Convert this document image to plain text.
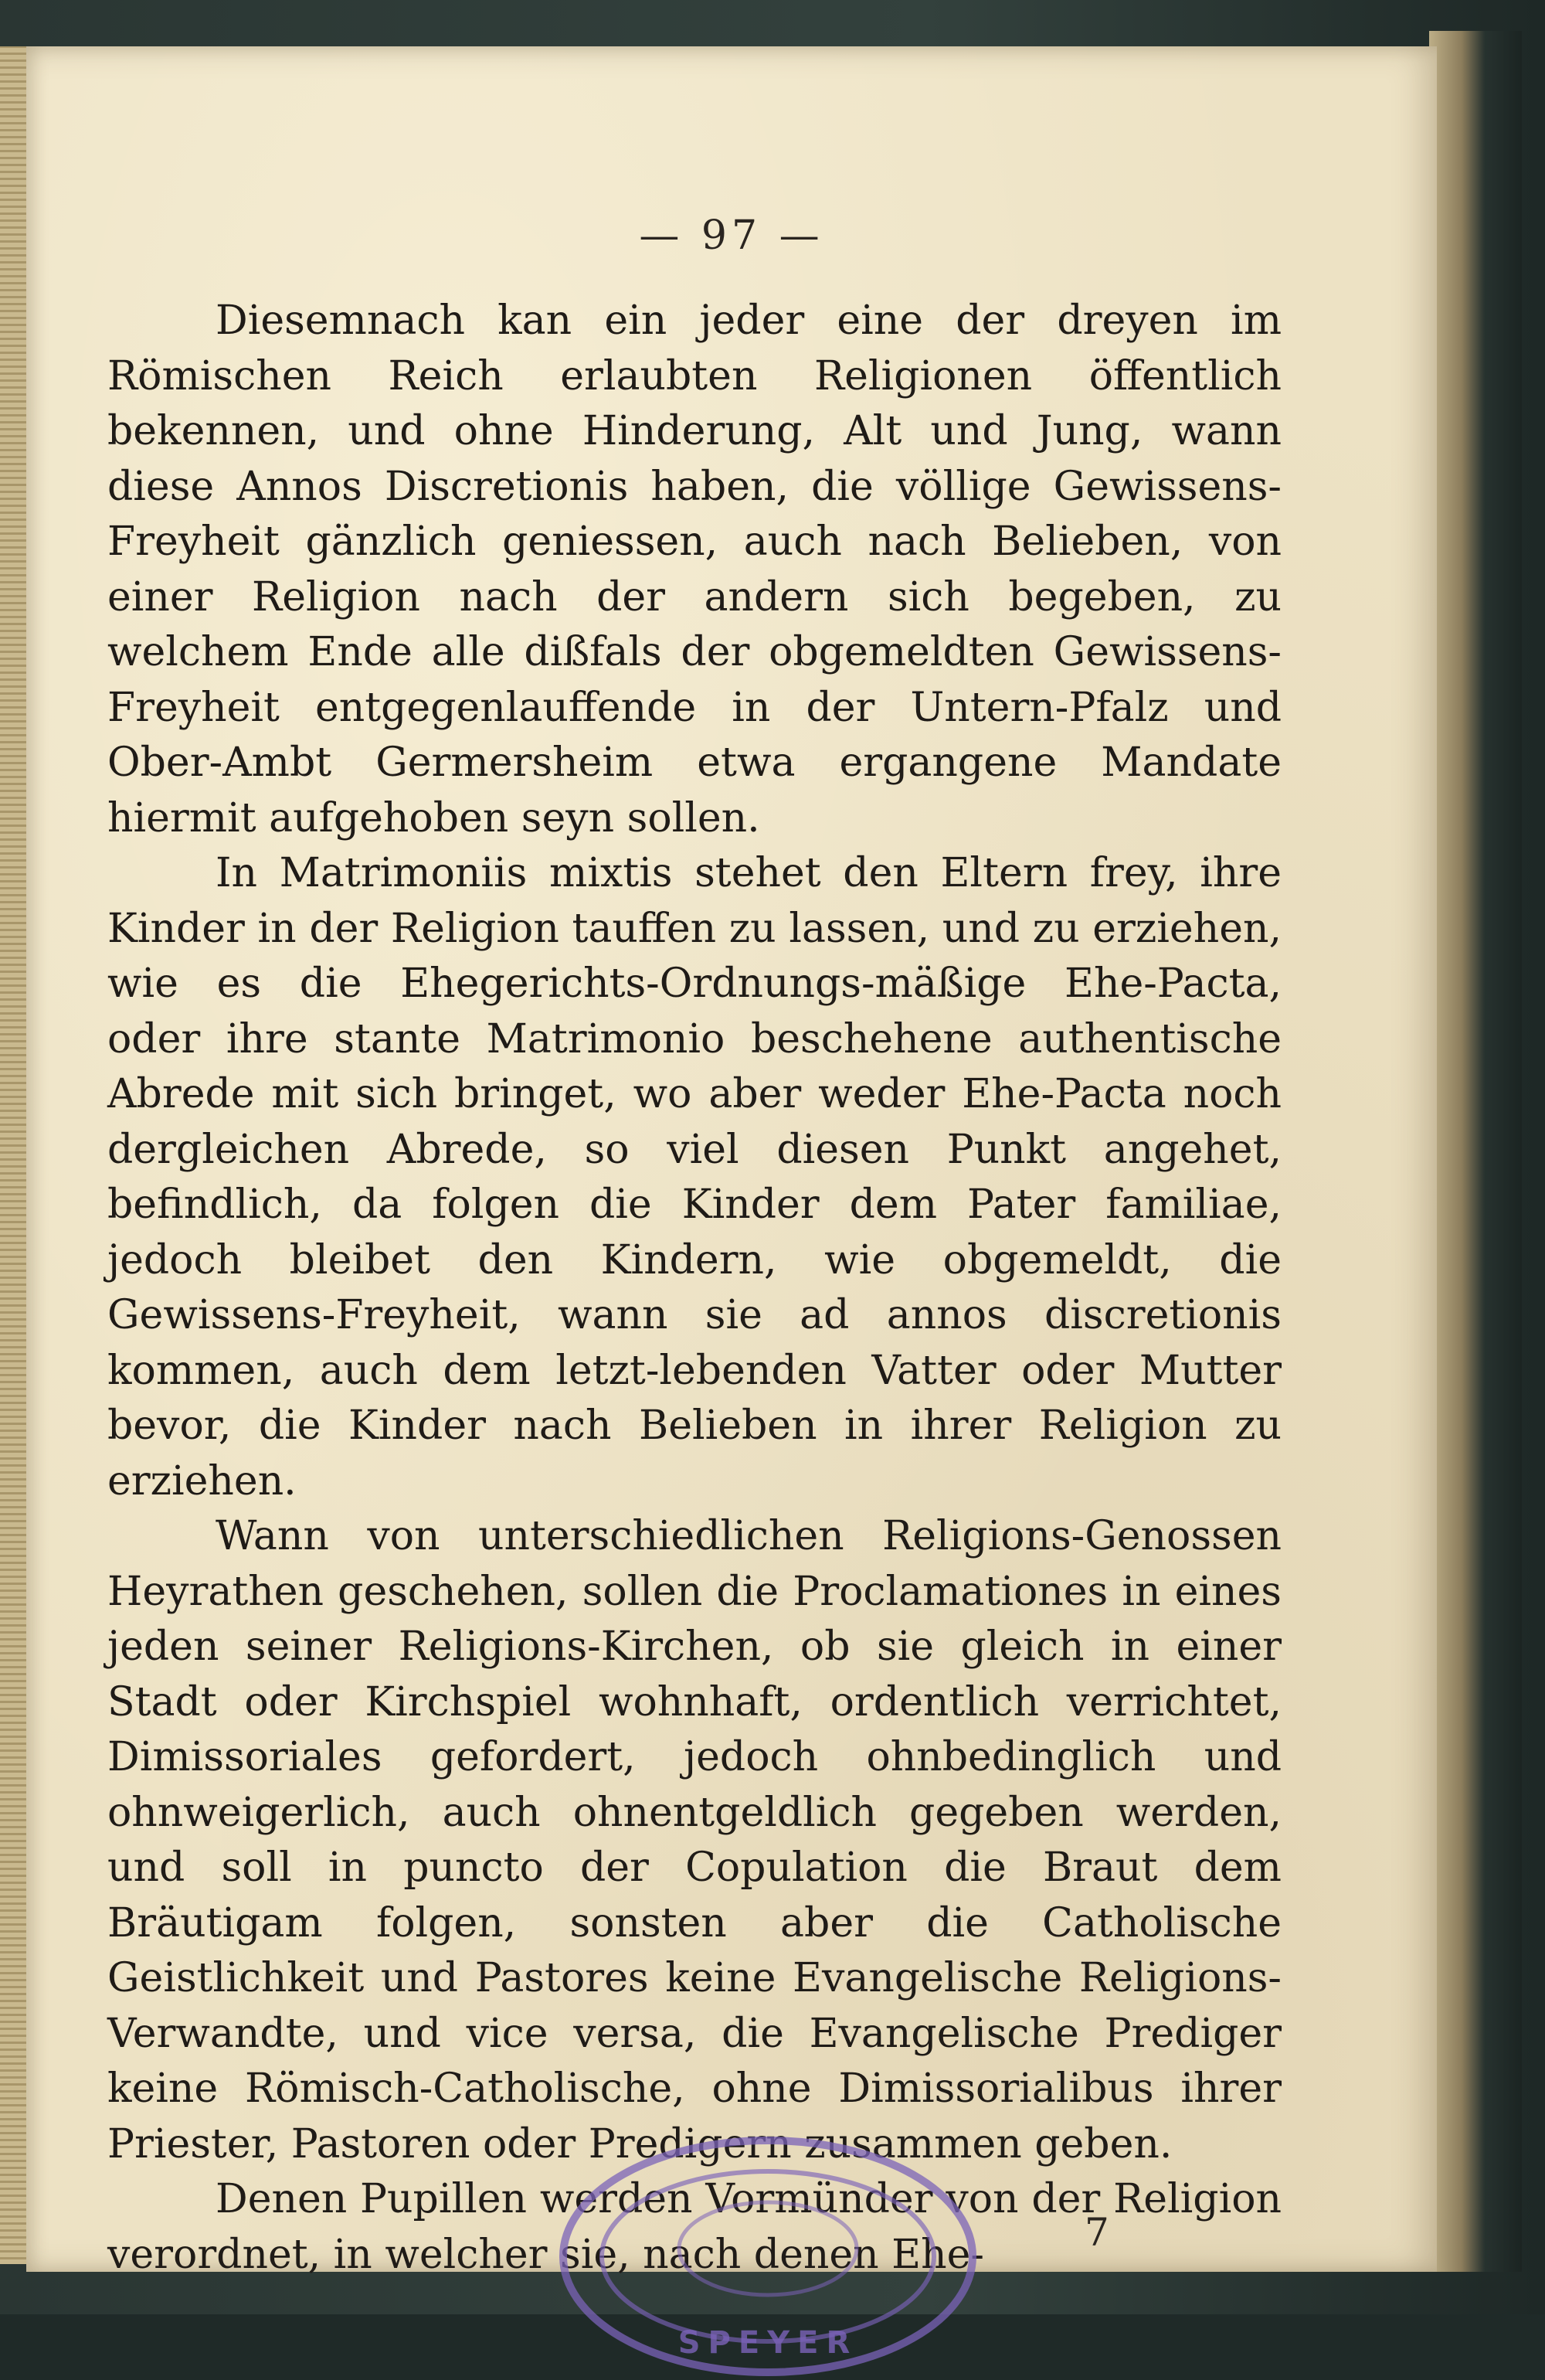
— 97 —

Diesemnach kan ein jeder eine der dreyen im Römischen Reich erlaubten Religionen öffentlich bekennen, und ohne Hinderung, Alt und Jung, wann diese Annos Discretionis haben, die völlige Gewissens-Freyheit gänzlich geniessen, auch nach Belieben, von einer Religion nach der andern sich begeben, zu welchem Ende alle dißfals der obgemeldten Gewissens-Freyheit entgegenlauffende in der Untern-Pfalz und Ober-Ambt Germersheim etwa ergangene Mandate hiermit aufgehoben seyn sollen.

In Matrimoniis mixtis stehet den Eltern frey, ihre Kinder in der Religion tauffen zu lassen, und zu erziehen, wie es die Ehegerichts-Ordnungs-mäßige Ehe-Pacta, oder ihre stante Matrimonio beschehene authentische Abrede mit sich bringet, wo aber weder Ehe-Pacta noch dergleichen Abrede, so viel diesen Punkt angehet, befindlich, da folgen die Kinder dem Pater familiae, jedoch bleibet den Kindern, wie obgemeldt, die Gewissens-Freyheit, wann sie ad annos discretionis kommen, auch dem letzt-lebenden Vatter oder Mutter bevor, die Kinder nach Belieben in ihrer Religion zu erziehen.

Wann von unterschiedlichen Religions-Genossen Heyrathen geschehen, sollen die Proclamationes in eines jeden seiner Religions-Kirchen, ob sie gleich in einer Stadt oder Kirchspiel wohnhaft, ordentlich verrichtet, Dimissoriales gefordert, jedoch ohnbedinglich und ohnweigerlich, auch ohnentgeldlich gegeben werden, und soll in puncto der Copulation die Braut dem Bräutigam folgen, sonsten aber die Catholische Geistlichkeit und Pastores keine Evangelische Religions-Verwandte, und vice versa, die Evangelische Prediger keine Römisch-Catholische, ohne Dimissorialibus ihrer Priester, Pastoren oder Predigern zusammen geben.

Denen Pupillen werden Vormünder von der Religion verordnet, in welcher sie, nach denen Ehe-	7
SPEYER
